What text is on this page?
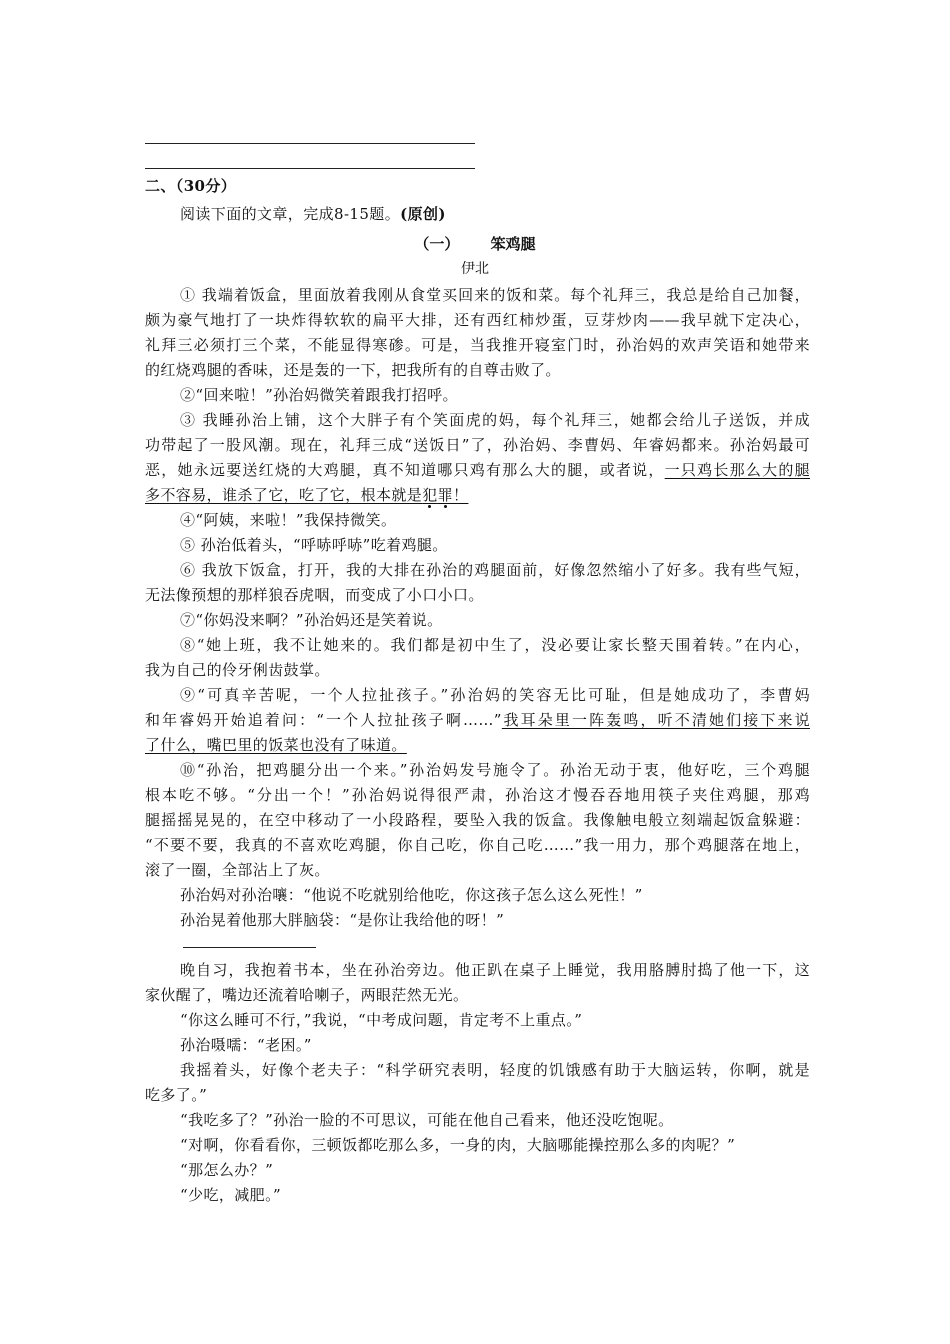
二、（30分）
阅读下面的文章，完成8-15题。(原创)
（一） 笨鸡腿
伊北
① 我端着饭盒，里面放着我刚从食堂买回来的饭和菜。每个礼拜三，我总是给自己加餐，
颇为豪气地打了一块炸得软软的扁平大排，还有西红柿炒蛋，豆芽炒肉——我早就下定决心，
礼拜三必须打三个菜，不能显得寒碜。可是，当我推开寝室门时，孙治妈的欢声笑语和她带来
的红烧鸡腿的香味，还是轰的一下，把我所有的自尊击败了。
②“回来啦！”孙治妈微笑着跟我打招呼。
③ 我睡孙治上铺，这个大胖子有个笑面虎的妈，每个礼拜三，她都会给儿子送饭，并成
功带起了一股风潮。现在，礼拜三成“送饭日”了，孙治妈、李曹妈、年睿妈都来。孙治妈最可
恶，她永远要送红烧的大鸡腿，真不知道哪只鸡有那么大的腿，或者说，一只鸡长那么大的腿
多不容易，谁杀了它，吃了它，根本就是犯罪！
④“阿姨，来啦！”我保持微笑。
⑤ 孙治低着头，“呼哧呼哧”吃着鸡腿。
⑥ 我放下饭盒，打开，我的大排在孙治的鸡腿面前，好像忽然缩小了好多。我有些气短，
无法像预想的那样狼吞虎咽，而变成了小口小口。
⑦“你妈没来啊？”孙治妈还是笑着说。
⑧“她上班，我不让她来的。我们都是初中生了，没必要让家长整天围着转。”在内心，
我为自己的伶牙俐齿鼓掌。
⑨“可真辛苦呢，一个人拉扯孩子。”孙治妈的笑容无比可耻，但是她成功了，李曹妈
和年睿妈开始追着问：“一个人拉扯孩子啊……”我耳朵里一阵轰鸣，听不清她们接下来说
了什么，嘴巴里的饭菜也没有了味道。
⑩“孙治，把鸡腿分出一个来。”孙治妈发号施令了。孙治无动于衷，他好吃，三个鸡腿
根本吃不够。“分出一个！”孙治妈说得很严肃，孙治这才慢吞吞地用筷子夹住鸡腿，那鸡
腿摇摇晃晃的，在空中移动了一小段路程，要坠入我的饭盒。我像触电般立刻端起饭盒躲避：
“不要不要，我真的不喜欢吃鸡腿，你自己吃，你自己吃……”我一用力，那个鸡腿落在地上，
滚了一圈，全部沾上了灰。
孙治妈对孙治嚷：“他说不吃就别给他吃，你这孩子怎么这么死性！”
孙治晃着他那大胖脑袋：“是你让我给他的呀！”
晚自习，我抱着书本，坐在孙治旁边。他正趴在桌子上睡觉，我用胳膊肘捣了他一下，这
家伙醒了，嘴边还流着哈喇子，两眼茫然无光。
“你这么睡可不行，”我说，“中考成问题，肯定考不上重点。”
孙治嗫嚅：“老困。”
我摇着头，好像个老夫子：“科学研究表明，轻度的饥饿感有助于大脑运转，你啊，就是
吃多了。”
“我吃多了？”孙治一脸的不可思议，可能在他自己看来，他还没吃饱呢。
“对啊，你看看你，三顿饭都吃那么多，一身的肉，大脑哪能操控那么多的肉呢？”
“那怎么办？”
“少吃，减肥。”
